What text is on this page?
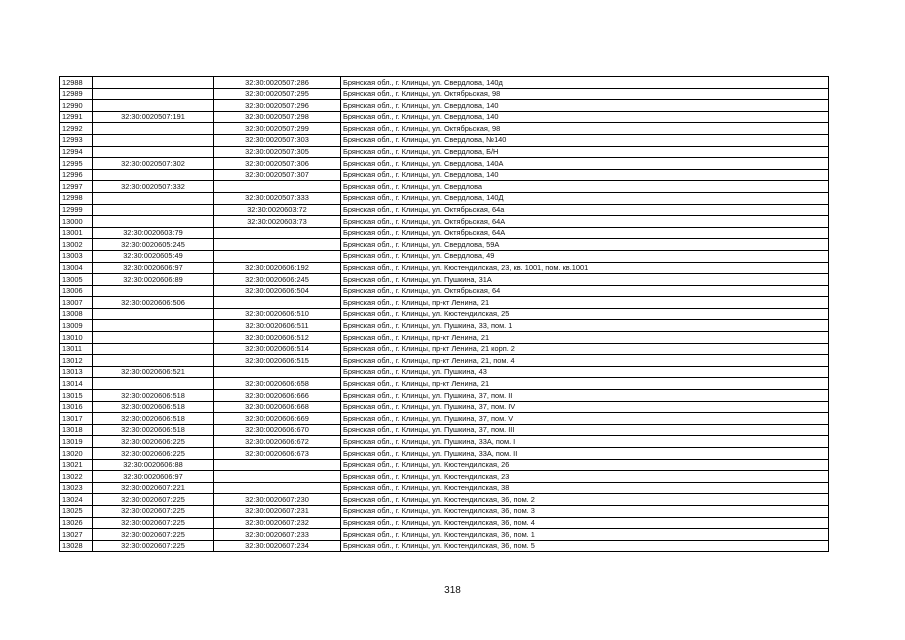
12988		32:30:0020507:286	Брянская обл., г. Клинцы, ул. Свердлова, 140д
12989		32:30:0020507:295	Брянская обл., г. Клинцы, ул. Октябрьская, 98
12990		32:30:0020507:296	Брянская обл., г. Клинцы, ул. Свердлова, 140
12991	32:30:0020507:191	32:30:0020507:298	Брянская обл., г. Клинцы, ул. Свердлова, 140
12992		32:30:0020507:299	Брянская обл., г. Клинцы, ул. Октябрьская, 98
12993		32:30:0020507:303	Брянская обл., г. Клинцы, ул. Свердлова, №140
12994		32:30:0020507:305	Брянская обл., г. Клинцы, ул. Свердлова, Б/Н
12995	32:30:0020507:302	32:30:0020507:306	Брянская обл., г. Клинцы, ул. Свердлова, 140А
12996		32:30:0020507:307	Брянская обл., г. Клинцы, ул. Свердлова, 140
12997	32:30:0020507:332		Брянская обл., г. Клинцы, ул. Свердлова
12998		32:30:0020507:333	Брянская обл., г. Клинцы, ул. Свердлова, 140Д
12999		32:30:0020603:72	Брянская обл., г. Клинцы, ул. Октябрьская, 64а
13000		32:30:0020603:73	Брянская обл., г. Клинцы, ул. Октябрьская, 64А
13001	32:30:0020603:79		Брянская обл., г. Клинцы, ул. Октябрьская, 64А
13002	32:30:0020605:245		Брянская обл., г. Клинцы, ул. Свердлова, 59А
13003	32:30:0020605:49		Брянская обл., г. Клинцы, ул. Свердлова, 49
13004	32:30:0020606:97	32:30:0020606:192	Брянская обл., г. Клинцы, ул. Кюстендилская, 23, кв. 1001, пом. кв.1001
13005	32:30:0020606:89	32:30:0020606:245	Брянская обл., г. Клинцы, ул. Пушкина, 31А
13006		32:30:0020606:504	Брянская обл., г. Клинцы, ул. Октябрьская, 64
13007	32:30:0020606:506		Брянская обл., г. Клинцы, пр-кт Ленина, 21
13008		32:30:0020606:510	Брянская обл., г. Клинцы, ул. Кюстендилская, 25
13009		32:30:0020606:511	Брянская обл., г. Клинцы, ул. Пушкина, 33, пом. 1
13010		32:30:0020606:512	Брянская обл., г. Клинцы, пр-кт Ленина, 21
13011		32:30:0020606:514	Брянская обл., г. Клинцы, пр-кт Ленина, 21 корп. 2
13012		32:30:0020606:515	Брянская обл., г. Клинцы, пр-кт Ленина, 21, пом. 4
13013	32:30:0020606:521		Брянская обл., г. Клинцы, ул. Пушкина, 43
13014		32:30:0020606:658	Брянская обл., г. Клинцы, пр-кт Ленина, 21
13015	32:30:0020606:518	32:30:0020606:666	Брянская обл., г. Клинцы, ул. Пушкина, 37, пом. II
13016	32:30:0020606:518	32:30:0020606:668	Брянская обл., г. Клинцы, ул. Пушкина, 37, пом. IV
13017	32:30:0020606:518	32:30:0020606:669	Брянская обл., г. Клинцы, ул. Пушкина, 37, пом. V
13018	32:30:0020606:518	32:30:0020606:670	Брянская обл., г. Клинцы, ул. Пушкина, 37, пом. III
13019	32:30:0020606:225	32:30:0020606:672	Брянская обл., г. Клинцы, ул. Пушкина, 33А, пом. I
13020	32:30:0020606:225	32:30:0020606:673	Брянская обл., г. Клинцы, ул. Пушкина, 33А, пом. II
13021	32:30:0020606:88		Брянская обл., г. Клинцы, ул. Кюстендилская, 26
13022	32:30:0020606:97		Брянская обл., г. Клинцы, ул. Кюстендилская, 23
13023	32:30:0020607:221		Брянская обл., г. Клинцы, ул. Кюстендилская, 38
13024	32:30:0020607:225	32:30:0020607:230	Брянская обл., г. Клинцы, ул. Кюстендилская, 36, пом. 2
13025	32:30:0020607:225	32:30:0020607:231	Брянская обл., г. Клинцы, ул. Кюстендилская, 36, пом. 3
13026	32:30:0020607:225	32:30:0020607:232	Брянская обл., г. Клинцы, ул. Кюстендилская, 36, пом. 4
13027	32:30:0020607:225	32:30:0020607:233	Брянская обл., г. Клинцы, ул. Кюстендилская, 36, пом. 1
13028	32:30:0020607:225	32:30:0020607:234	Брянская обл., г. Клинцы, ул. Кюстендилская, 36, пом. 5
318
